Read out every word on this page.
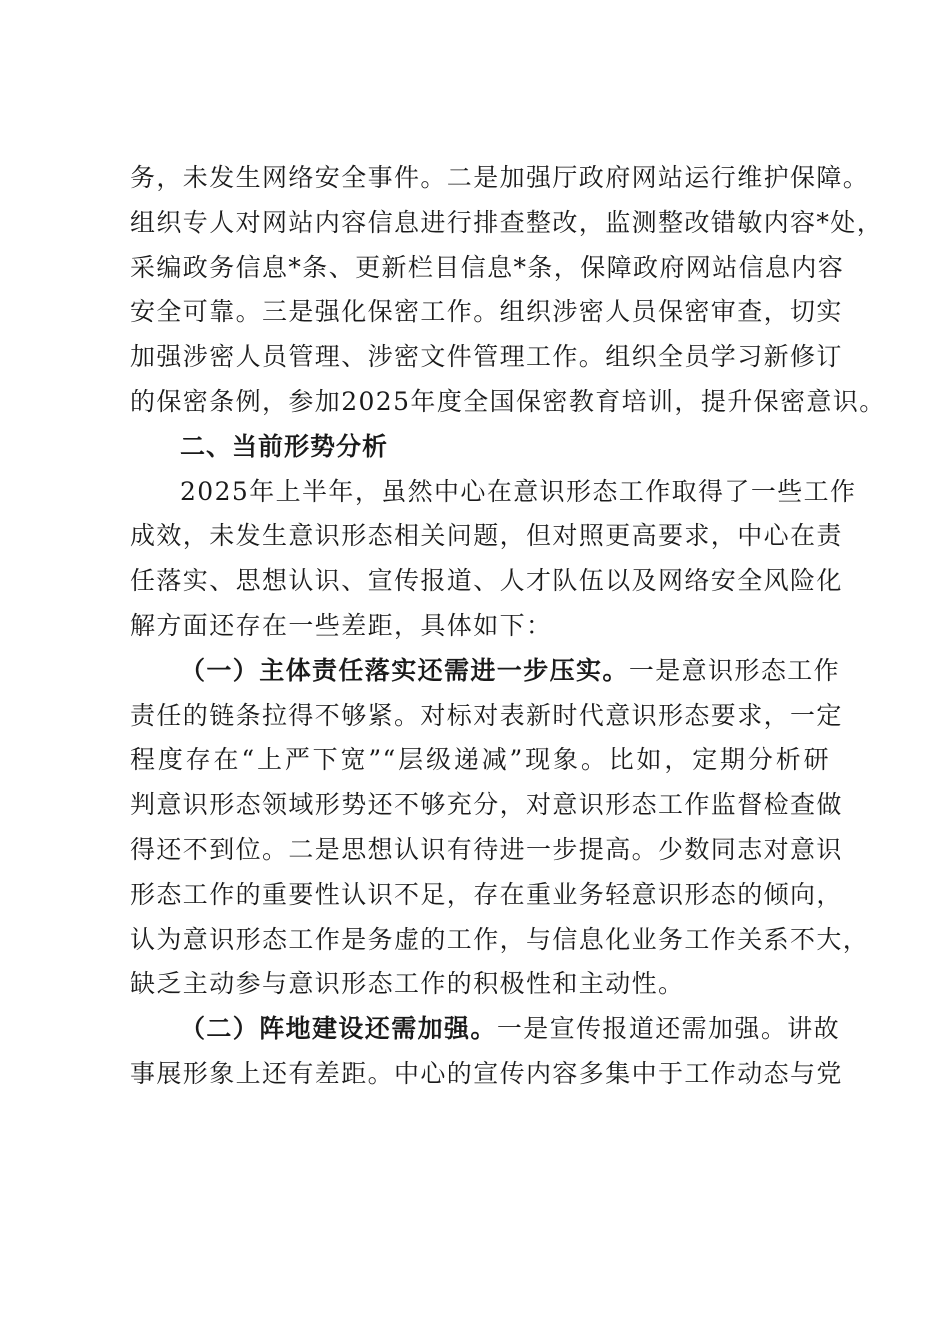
务，未发生网络安全事件。二是加强厅政府网站运行维护保障。
组织专人对网站内容信息进行排查整改，监测整改错敏内容*处，
采编政务信息*条、更新栏目信息*条，保障政府网站信息内容
安全可靠。三是强化保密工作。组织涉密人员保密审查，切实
加强涉密人员管理、涉密文件管理工作。组织全员学习新修订
的保密条例，参加2025年度全国保密教育培训，提升保密意识。
二、当前形势分析
2025年上半年，虽然中心在意识形态工作取得了一些工作
成效，未发生意识形态相关问题，但对照更高要求，中心在责
任落实、思想认识、宣传报道、人才队伍以及网络安全风险化
解方面还存在一些差距，具体如下：
（一）主体责任落实还需进一步压实。一是意识形态工作
责任的链条拉得不够紧。对标对表新时代意识形态要求，一定
程度存在“上严下宽”“层级递减”现象。比如，定期分析研
判意识形态领域形势还不够充分，对意识形态工作监督检查做
得还不到位。二是思想认识有待进一步提高。少数同志对意识
形态工作的重要性认识不足，存在重业务轻意识形态的倾向，
认为意识形态工作是务虚的工作，与信息化业务工作关系不大，
缺乏主动参与意识形态工作的积极性和主动性。
（二）阵地建设还需加强。一是宣传报道还需加强。讲故
事展形象上还有差距。中心的宣传内容多集中于工作动态与党
